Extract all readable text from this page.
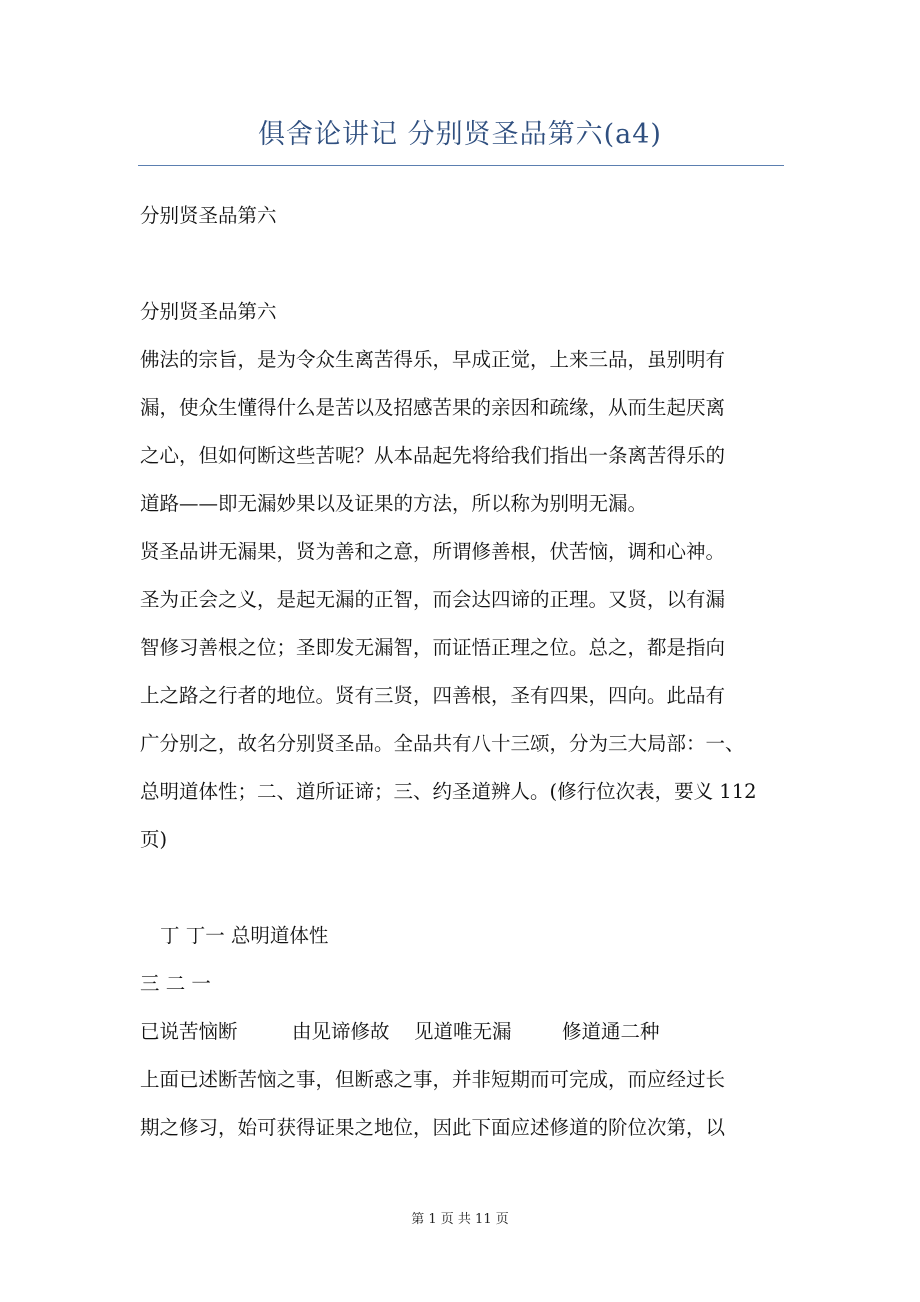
俱舍论讲记 分别贤圣品第六(a4)
分别贤圣品第六
分别贤圣品第六
佛法的宗旨，是为令众生离苦得乐，早成正觉，上来三品，虽别明有
漏，使众生懂得什么是苦以及招感苦果的亲因和疏缘，从而生起厌离
之心，但如何断这些苦呢？从本品起先将给我们指出一条离苦得乐的
道路——即无漏妙果以及证果的方法，所以称为别明无漏。
贤圣品讲无漏果，贤为善和之意，所谓修善根，伏苦恼，调和心神。
圣为正会之义，是起无漏的正智，而会达四谛的正理。又贤，以有漏
智修习善根之位；圣即发无漏智，而证悟正理之位。总之，都是指向
上之路之行者的地位。贤有三贤，四善根，圣有四果，四向。此品有
广分别之，故名分别贤圣品。全品共有八十三颂，分为三大局部：一、
总明道体性；二、道所证谛；三、约圣道辨人。(修行位次表，要义 112
页)
丁 丁一 总明道体性
三 二 一
已说苦恼断	由见谛修故 见道唯无漏	修道通二种
上面已述断苦恼之事，但断惑之事，并非短期而可完成，而应经过长
期之修习，始可获得证果之地位，因此下面应述修道的阶位次第，以
第 1 页 共 11 页
